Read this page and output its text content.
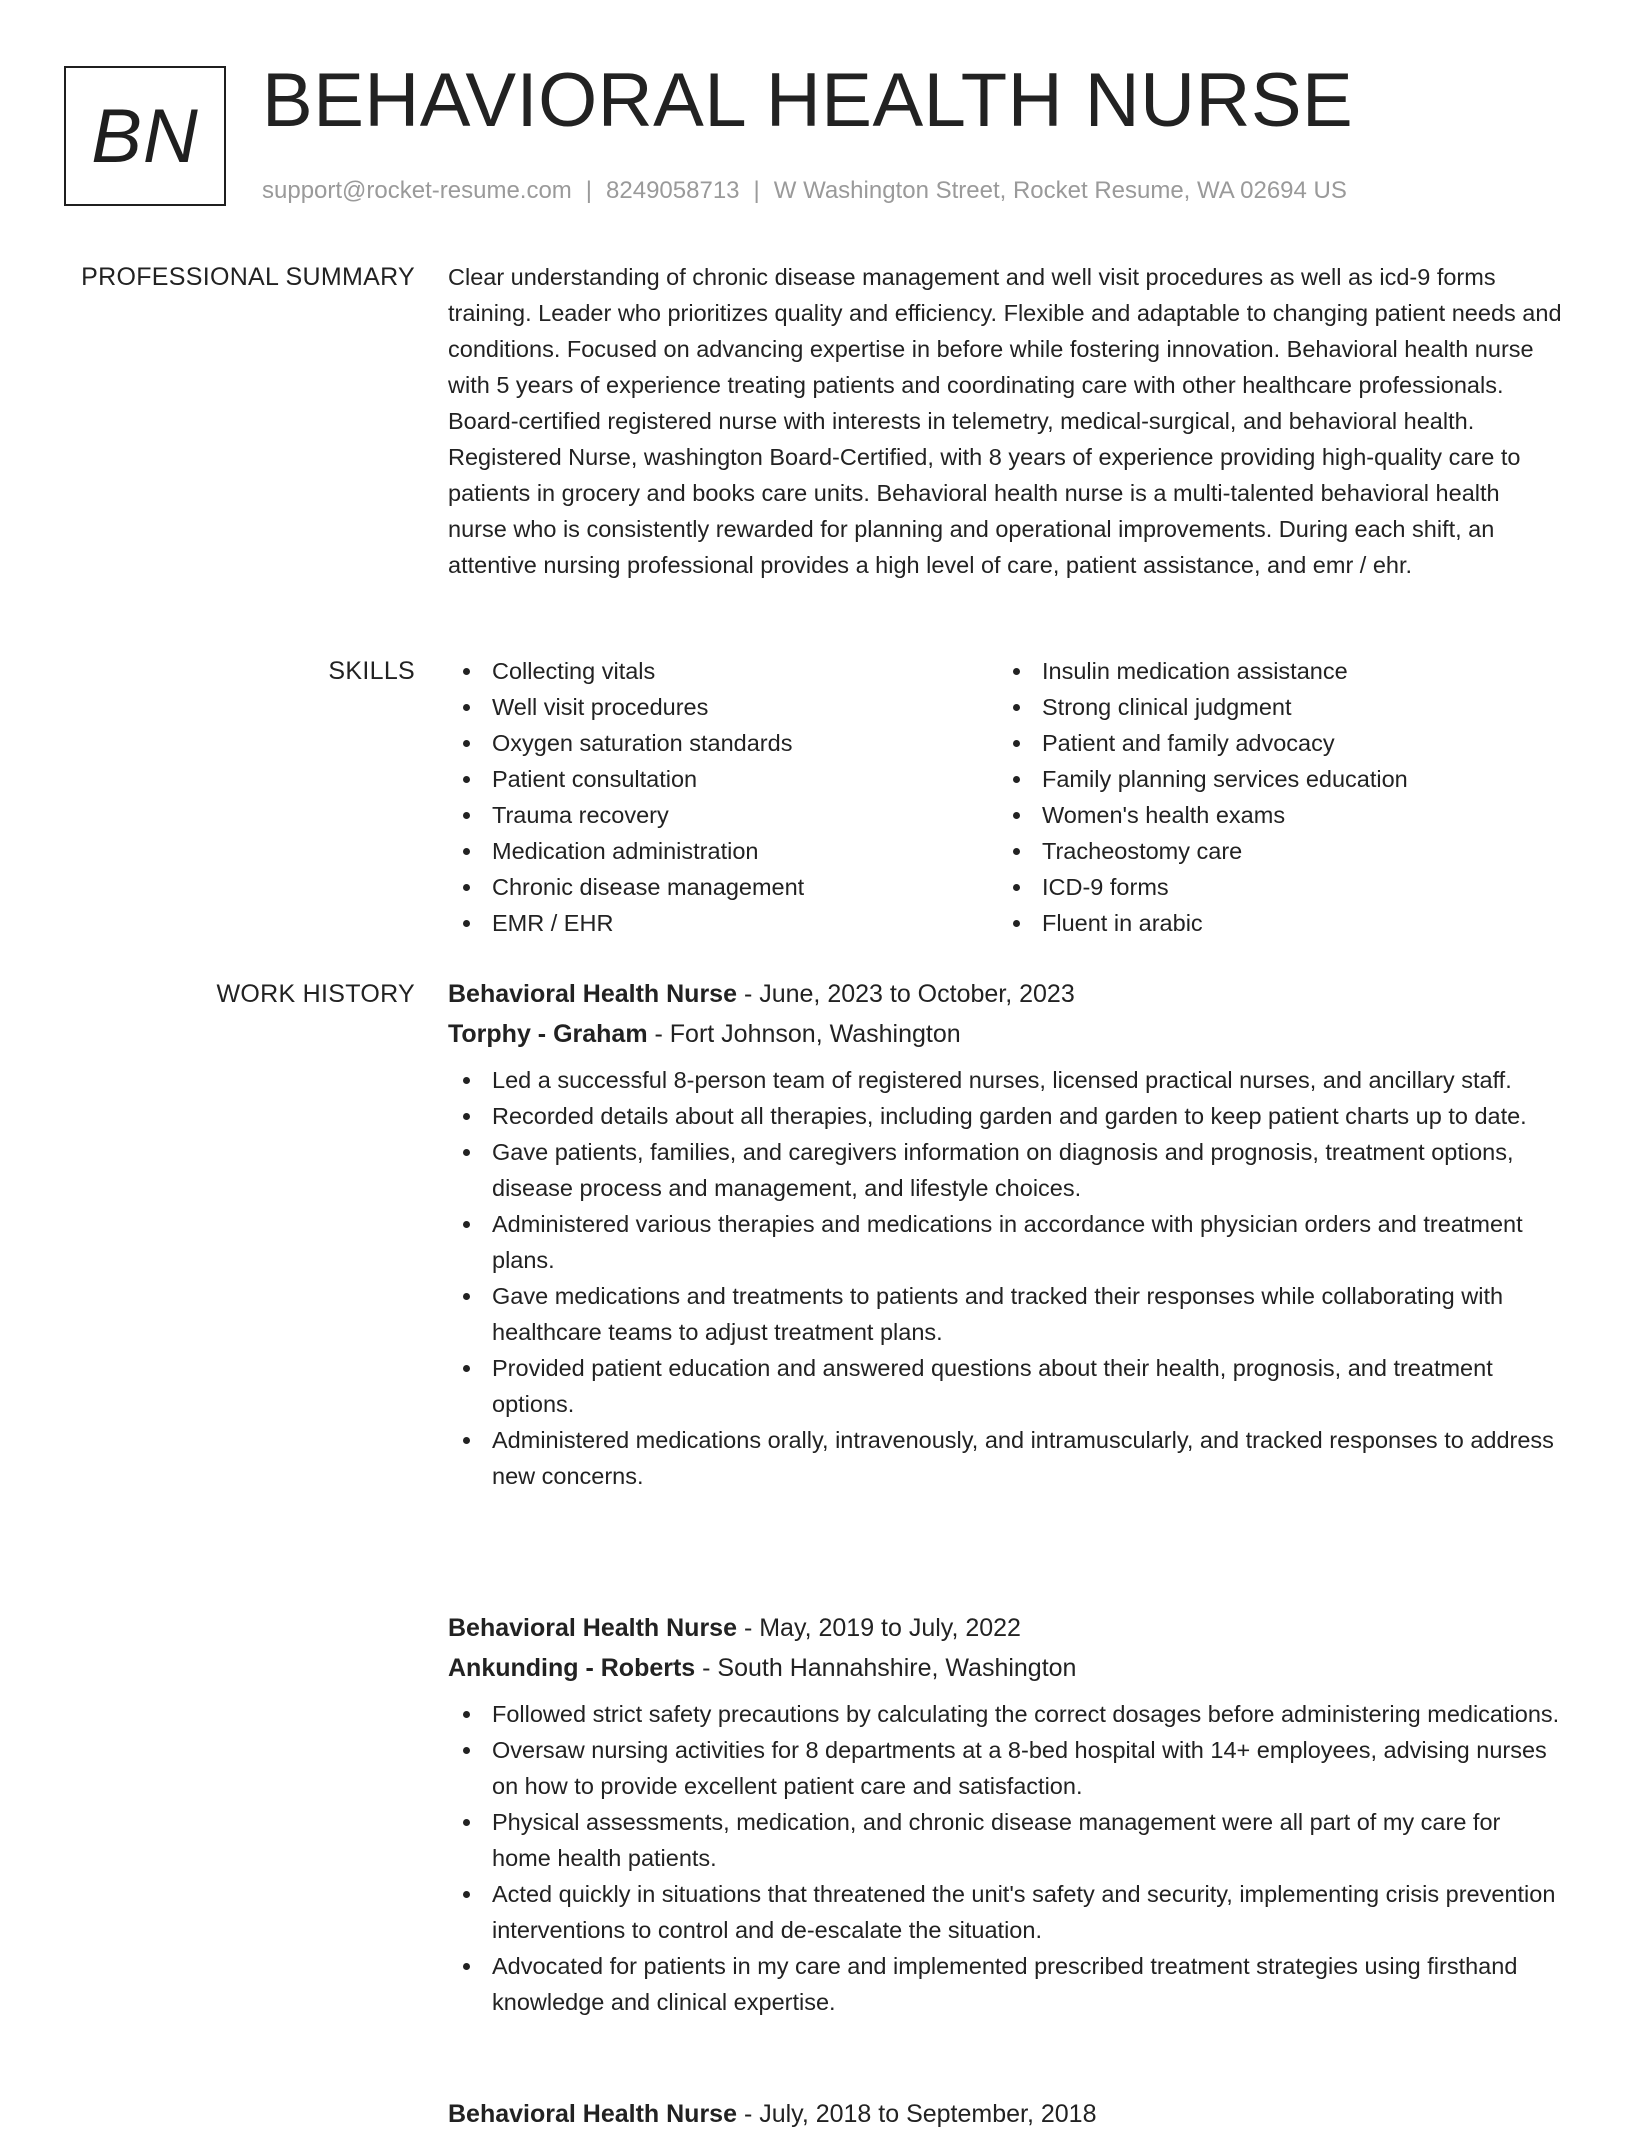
BN BEHAVIORAL HEALTH NURSE
support@rocket-resume.com | 8249058713 | W Washington Street, Rocket Resume, WA 02694 US
PROFESSIONAL SUMMARY Clear understanding of chronic disease management and well visit procedures as well as icd-9 forms training. Leader who prioritizes quality and efficiency. Flexible and adaptable to changing patient needs and conditions. Focused on advancing expertise in before while fostering innovation. Behavioral health nurse with 5 years of experience treating patients and coordinating care with other healthcare professionals. Board-certified registered nurse with interests in telemetry, medical-surgical, and behavioral health. Registered Nurse, washington Board-Certified, with 8 years of experience providing high-quality care to patients in grocery and books care units. Behavioral health nurse is a multi-talented behavioral health nurse who is consistently rewarded for planning and operational improvements. During each shift, an attentive nursing professional provides a high level of care, patient assistance, and emr / ehr.

SKILLS	Collecting vitals
Well visit procedures
Oxygen saturation standards
Patient consultation
Trauma recovery
Medication administration
Chronic disease management
EMR / EHR
Insulin medication assistance
Strong clinical judgment
Patient and family advocacy
Family planning services education
Women's health exams
Tracheostomy care
ICD-9 forms
Fluent in arabic
WORK HISTORY Behavioral Health Nurse - June, 2023 to October, 2023
Torphy - Graham - Fort Johnson, Washington
Led a successful 8-person team of registered nurses, licensed practical nurses, and ancillary staff.
Recorded details about all therapies, including garden and garden to keep patient charts up to date.
Gave patients, families, and caregivers information on diagnosis and prognosis, treatment options, disease process and management, and lifestyle choices.
Administered various therapies and medications in accordance with physician orders and treatment plans.
Gave medications and treatments to patients and tracked their responses while collaborating with healthcare teams to adjust treatment plans.
Provided patient education and answered questions about their health, prognosis, and treatment options.
Administered medications orally, intravenously, and intramuscularly, and tracked responses to address new concerns.
Behavioral Health Nurse - May, 2019 to July, 2022
Ankunding - Roberts - South Hannahshire, Washington
Followed strict safety precautions by calculating the correct dosages before administering medications.
Oversaw nursing activities for 8 departments at a 8-bed hospital with 14+ employees, advising nurses on how to provide excellent patient care and satisfaction.
Physical assessments, medication, and chronic disease management were all part of my care for home health patients.
Acted quickly in situations that threatened the unit's safety and security, implementing crisis prevention interventions to control and de-escalate the situation.
Advocated for patients in my care and implemented prescribed treatment strategies using firsthand knowledge and clinical expertise.
Behavioral Health Nurse - July, 2018 to September, 2018
